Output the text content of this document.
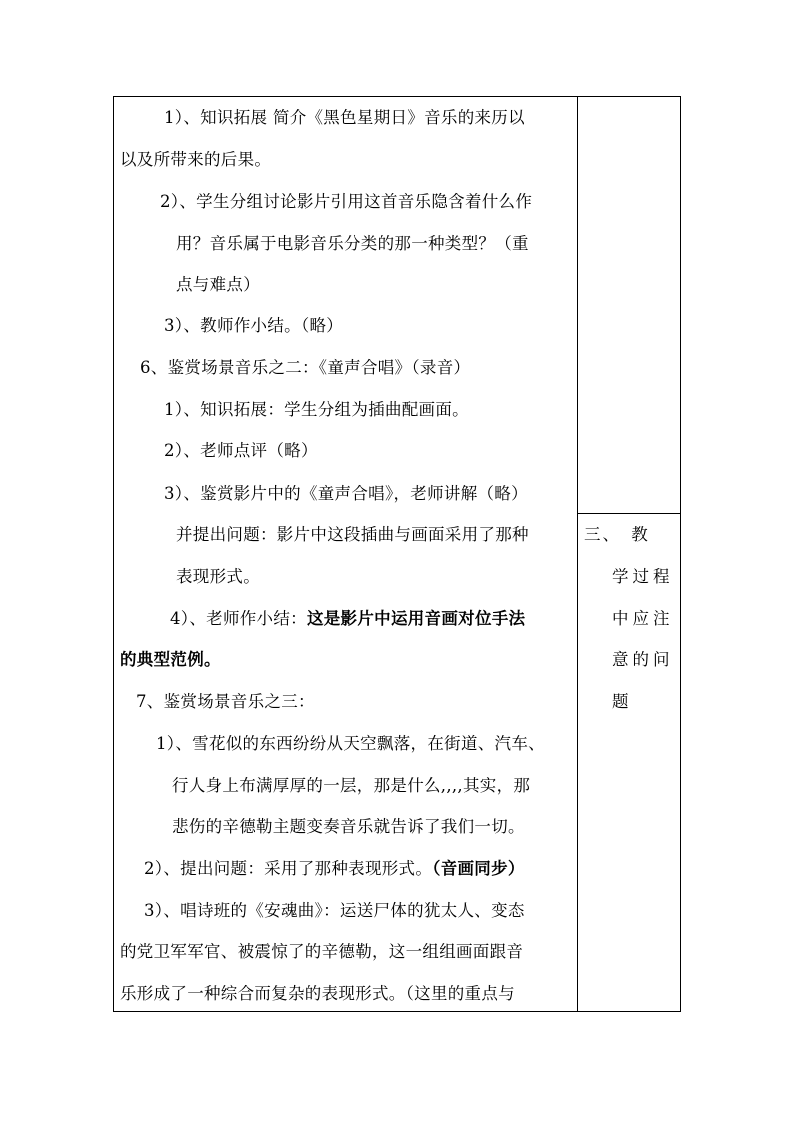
1）、知识拓展 简介《黑色星期日》音乐的来历以
以及所带来的后果。
2）、学生分组讨论影片引用这首音乐隐含着什么作
用？音乐属于电影音乐分类的那一种类型？（重
点与难点）
3）、教师作小结。（略）
6、鉴赏场景音乐之二：《童声合唱》（录音）
1）、知识拓展：学生分组为插曲配画面。
2）、老师点评（略）
3）、鉴赏影片中的《童声合唱》，老师讲解（略）
并提出问题：影片中这段插曲与画面采用了那种
表现形式。
4）、老师作小结：这是影片中运用音画对位手法
的典型范例。
7、鉴赏场景音乐之三：
1）、雪花似的东西纷纷从天空飘落，在街道、汽车、
行人身上布满厚厚的一层，那是什么,,,,其实，那
悲伤的辛德勒主题变奏音乐就告诉了我们一切。
2）、提出问题：采用了那种表现形式。（音画同步）
3）、唱诗班的《安魂曲》：运送尸体的犹太人、变态
的党卫军军官、被震惊了的辛德勒，这一组组画面跟音
乐形成了一种综合而复杂的表现形式。（这里的重点与
三、　教
学过程
中应注
意的问
题
